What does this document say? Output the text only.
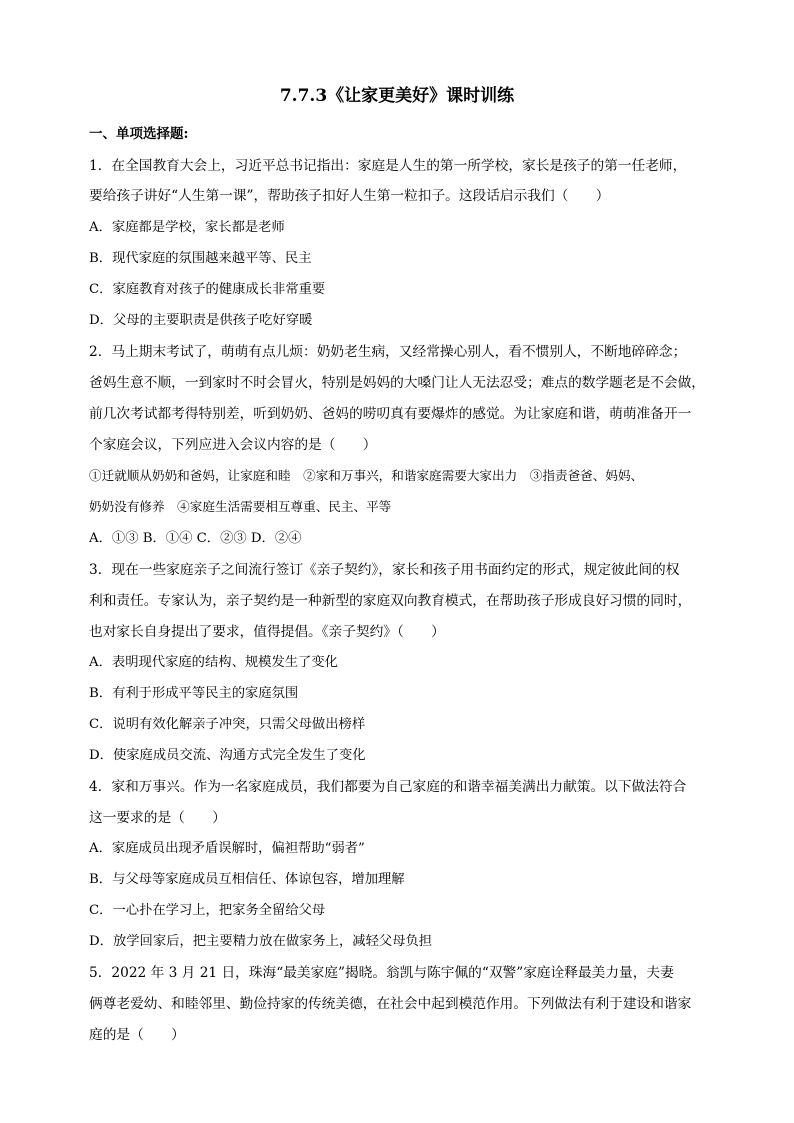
7.7.3《让家更美好》课时训练
一、单项选择题:
1．在全国教育大会上，习近平总书记指出：家庭是人生的第一所学校，家长是孩子的第一任老师，
要给孩子讲好“人生第一课”，帮助孩子扣好人生第一粒扣子。这段话启示我们（　　）
A．家庭都是学校，家长都是老师
B．现代家庭的氛围越来越平等、民主
C．家庭教育对孩子的健康成长非常重要
D．父母的主要职责是供孩子吃好穿暖
2．马上期末考试了，萌萌有点儿烦：奶奶老生病，又经常操心别人，看不惯别人，不断地碎碎念；
爸妈生意不顺，一到家时不时会冒火，特别是妈妈的大嗓门让人无法忍受；难点的数学题老是不会做，
前几次考试都考得特别差，听到奶奶、爸妈的唠叨真有要爆炸的感觉。为让家庭和谐，萌萌准备开一
个家庭会议，下列应进入会议内容的是（　　）
①迁就顺从奶奶和爸妈，让家庭和睦　②家和万事兴，和谐家庭需要大家出力　③指责爸爸、妈妈、
奶奶没有修养　④家庭生活需要相互尊重、民主、平等
A．①③ B．①④ C．②③ D．②④
3．现在一些家庭亲子之间流行签订《亲子契约》，家长和孩子用书面约定的形式，规定彼此间的权
利和责任。专家认为，亲子契约是一种新型的家庭双向教育模式，在帮助孩子形成良好习惯的同时，
也对家长自身提出了要求，值得提倡。《亲子契约》（　　）
A．表明现代家庭的结构、规模发生了变化
B．有利于形成平等民主的家庭氛围
C．说明有效化解亲子冲突，只需父母做出榜样
D．使家庭成员交流、沟通方式完全发生了变化
4．家和万事兴。作为一名家庭成员，我们都要为自己家庭的和谐幸福美满出力献策。以下做法符合
这一要求的是（　　）
A．家庭成员出现矛盾误解时，偏袒帮助“弱者”
B．与父母等家庭成员互相信任、体谅包容，增加理解
C．一心扑在学习上，把家务全留给父母
D．放学回家后，把主要精力放在做家务上，减轻父母负担
5．2022 年 3 月 21 日，珠海“最美家庭”揭晓。翁凯与陈宇佩的“双警”家庭诠释最美力量，夫妻
俩尊老爱幼、和睦邻里、勤俭持家的传统美德，在社会中起到模范作用。下列做法有利于建设和谐家
庭的是（　　）
